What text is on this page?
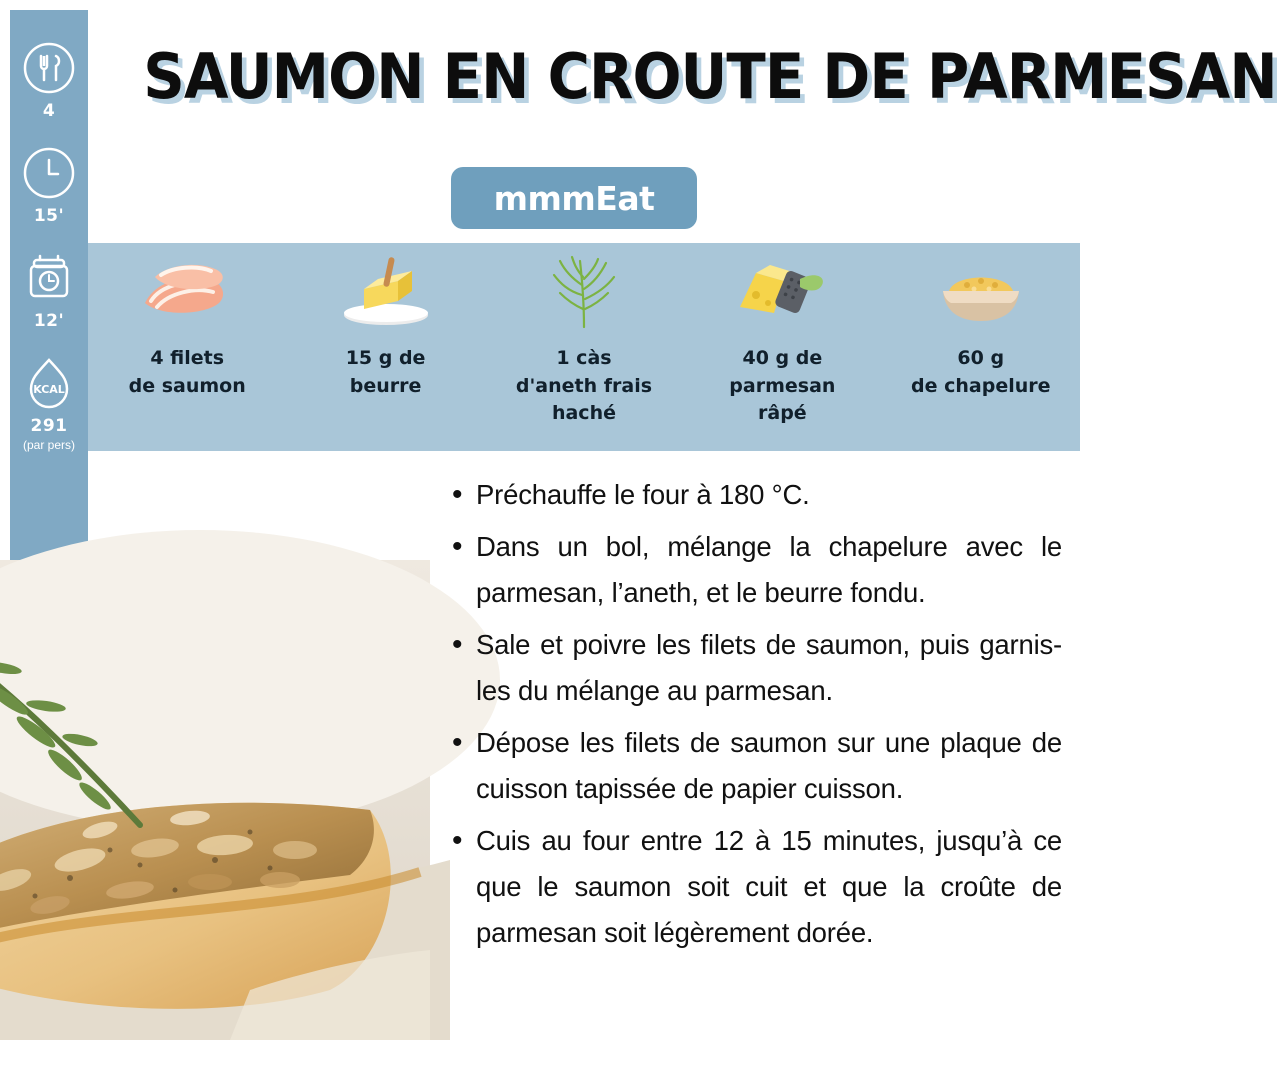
4
15'
12'
KCAL
291
(par pers)
SAUMON EN CROUTE DE PARMESAN
mmmEat
4 filets
de saumon
15 g de
beurre
1 càs
d'aneth frais
haché
40 g de
parmesan
râpé
60 g
de chapelure
• Préchauffe le four à 180 °C.
• Dans un bol, mélange la chapelure avec le parmesan, l’aneth, et le beurre fondu.
• Sale et poivre les filets de saumon, puis garnis-les du mélange au parmesan.
• Dépose les filets de saumon sur une plaque de cuisson tapissée de papier cuisson.
• Cuis au four entre 12 à 15 minutes, jusqu’à ce que le saumon soit cuit et que la croûte de parmesan soit légèrement dorée.
